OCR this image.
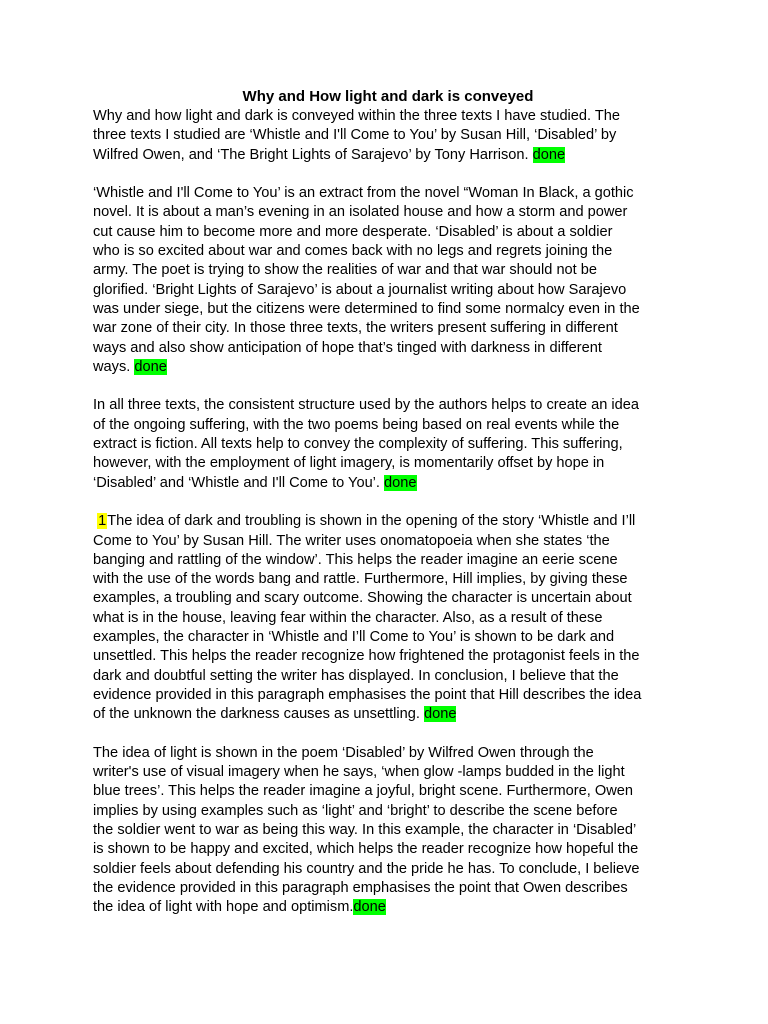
Why and How light and dark is conveyed

Why and how light and dark is conveyed within the three texts I have studied. The
three texts I studied are ‘Whistle and I'll Come to You’ by Susan Hill, ‘Disabled’ by
Wilfred Owen, and ‘The Bright Lights of Sarajevo’ by Tony Harrison. done

‘Whistle and I'll Come to You’ is an extract from the novel “Woman In Black, a gothic
novel. It is about a man’s evening in an isolated house and how a storm and power
cut cause him to become more and more desperate. ‘Disabled’ is about a soldier
who is so excited about war and comes back with no legs and regrets joining the
army. The poet is trying to show the realities of war and that war should not be
glorified. ‘Bright Lights of Sarajevo’ is about a journalist writing about how Sarajevo
was under siege, but the citizens were determined to find some normalcy even in the
war zone of their city. In those three texts, the writers present suffering in different
ways and also show anticipation of hope that’s tinged with darkness in different
ways. done

In all three texts, the consistent structure used by the authors helps to create an idea
of the ongoing suffering, with the two poems being based on real events while the
extract is fiction. All texts help to convey the complexity of suffering. This suffering,
however, with the employment of light imagery, is momentarily offset by hope in
‘Disabled’ and ‘Whistle and I'll Come to You’. done

1The idea of dark and troubling is shown in the opening of the story ‘Whistle and I’ll
Come to You’ by Susan Hill. The writer uses onomatopoeia when she states ‘the
banging and rattling of the window’. This helps the reader imagine an eerie scene
with the use of the words bang and rattle. Furthermore, Hill implies, by giving these
examples, a troubling and scary outcome. Showing the character is uncertain about
what is in the house, leaving fear within the character. Also, as a result of these
examples, the character in ‘Whistle and I’ll Come to You’ is shown to be dark and
unsettled. This helps the reader recognize how frightened the protagonist feels in the
dark and doubtful setting the writer has displayed. In conclusion, I believe that the
evidence provided in this paragraph emphasises the point that Hill describes the idea
of the unknown the darkness causes as unsettling. done

The idea of light is shown in the poem ‘Disabled’ by Wilfred Owen through the
writer's use of visual imagery when he says, ‘when glow -lamps budded in the light
blue trees’. This helps the reader imagine a joyful, bright scene. Furthermore, Owen
implies by using examples such as ‘light’ and ‘bright’ to describe the scene before
the soldier went to war as being this way. In this example, the character in ‘Disabled’
is shown to be happy and excited, which helps the reader recognize how hopeful the
soldier feels about defending his country and the pride he has. To conclude, I believe
the evidence provided in this paragraph emphasises the point that Owen describes
the idea of light with hope and optimism.done
